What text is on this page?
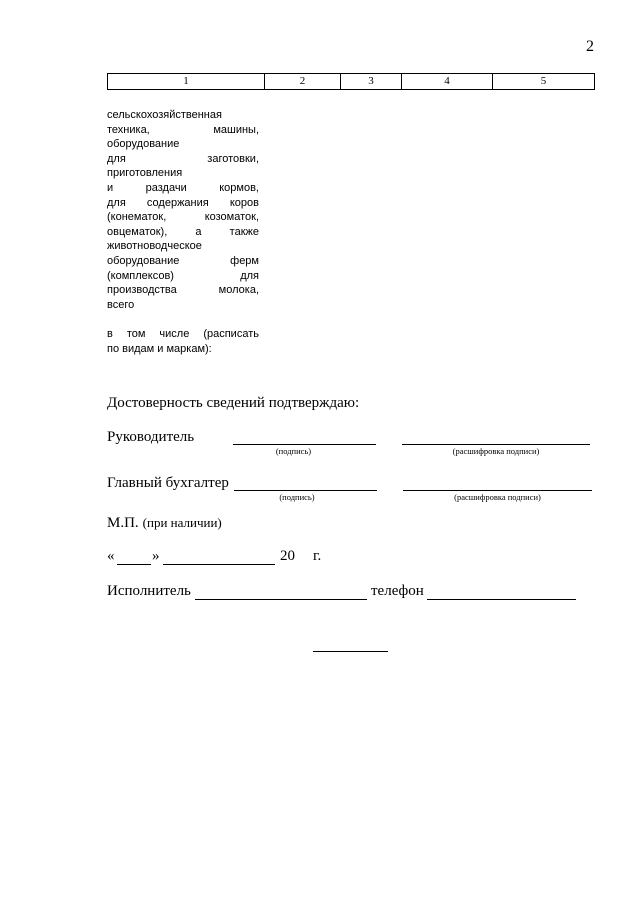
2
1	2	3	4	5
сельскохозяйственная
техника,	машины,
оборудование
для	заготовки,
приготовления
и	раздачи	кормов,
для содержания коров
(конематок,	козоматок,
овцематок),	а	также
животноводческое
оборудование	ферм
(комплексов)	для
производства	молока,
всего
в том числе (расписать
по видам и маркам):
Достоверность сведений подтверждаю:
Руководитель
(подпись)	(расшифровка подписи)
Главный бухгалтер
(подпись)	(расшифровка подписи)
М.П. (при наличии)
«	»	20 г.
Исполнитель	телефон
